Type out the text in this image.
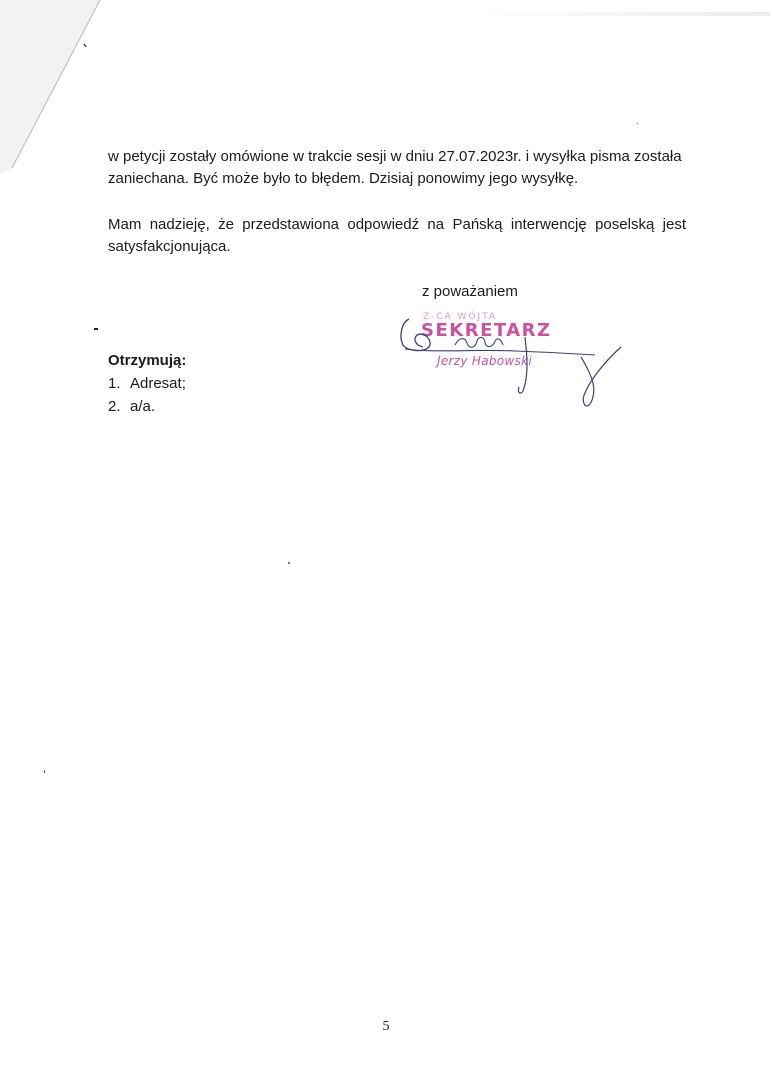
w petycji zostały omówione w trakcie sesji w dniu 27.07.2023r. i wysyłka pisma została zaniechana. Być może było to błędem. Dzisiaj ponowimy jego wysyłkę.

Mam nadzieję, że przedstawiona odpowiedź na Pańską interwencję poselską jest satysfakcjonująca.

z poważaniem

Z-CA WÓJTA
SEKRETARZ
Jerzy Habowski

Otrzymują:

1. Adresat;
2. a/a.
5
